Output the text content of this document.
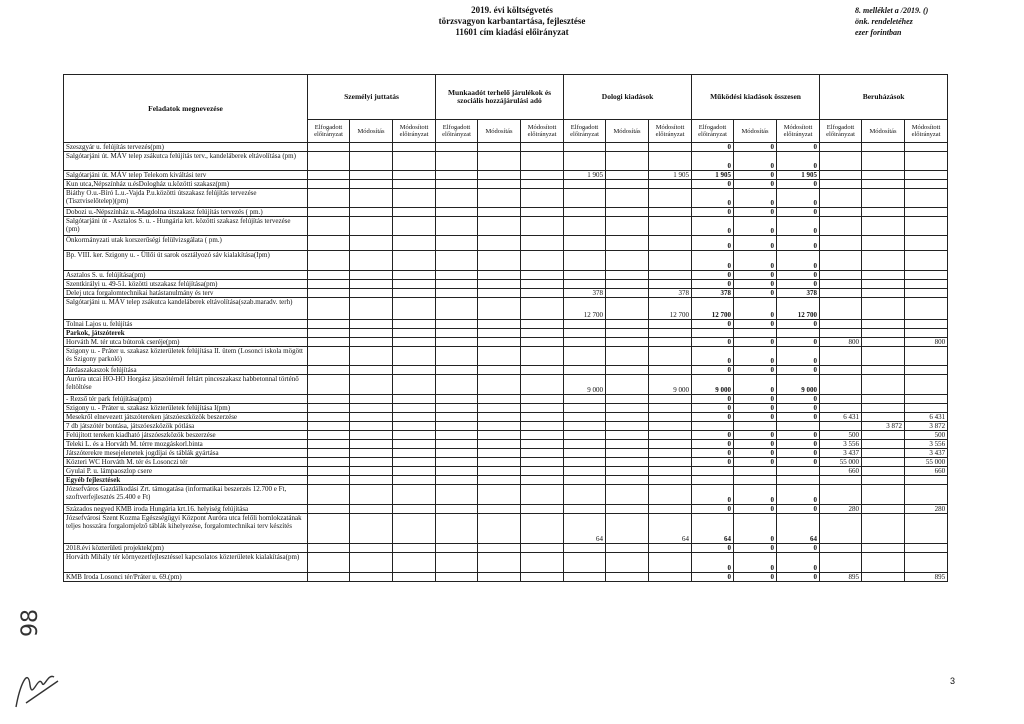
2019. évi költségvetés
törzsvagyon karbantartása, fejlesztése
11601 cím kiadási előirányzat
8. melléklet a /2019. ()
önk. rendeletéhez
ezer forintban
Feladatok megnevezése	Személyi juttatás			Munkaadót terhelő járulékok és szociális hozzájárulási adó			Dologi kiadások			Működési kiadások összesen			Beruházások		
	Elfogadott előirányzat	Módosítás	Módosított előirányzat	Elfogadott előirányzat	Módosítás	Módosított előirányzat	Elfogadott előirányzat	Módosítás	Módosított előirányzat	Elfogadott előirányzat	Módosítás	Módosított előirányzat	Elfogadott előirányzat	Módosítás	Módosított előirányzat
Szeszgyár u. felújítás tervezés(pm)										0	0	0			
Salgótarjáni út. MÁV telep zsákutca felújítás terv., kandeláberek eltávolítása (pm)										0	0	0			
Salgótarjáni út. MÁV telep Telekom kiváltási terv							1 905		1 905	1 905	0	1 905			
Kun utca,Népszínház u.ésDologház u.közötti szakasz(pm)										0	0	0			
Biáthy O.u.-Bíró L.u.-Vajda P.u.közötti útszakasz felújítás tervezése (Tisztviselőtelep)(pm)										0	0	0			
Dobozi u.-Népszínház u.-Magdolna útszakasz felújítás tervezés ( pm.)										0	0	0			
Salgótarjáni út - Asztalos S. u. - Hungária krt. közötti szakasz felújítás tervezése (pm)										0	0	0			
Önkormányzati utak korszerűségi felülvizsgálata ( pm.)										0	0	0			
Bp. VIII. ker. Szigony u. - Üllői út sarok osztályozó sáv kialakítása(Ipm)										0	0	0			
Asztalos S. u. felújítása(pm)										0	0	0			
Szentkirályi u. 49-51. közötti utszakasz felújítása(pm)										0	0	0			
Delej utca forgalomtechnikai hatástanulmány és terv							378		378	378	0	378			
Salgótarjáni u. MÁV telep zsákutca kandeláberek eltávolítása(szab.maradv. terh)							12 700		12 700	12 700	0	12 700			
Tolnai Lajos u. felújítás										0	0	0			
Parkok, játszóterek															
Horváth M. tér utca bútorok cseréje(pm)										0	0	0	800		800
Szigony u. - Práter u. szakasz közterületek felújítása II. ütem (Losonci iskola mögött és Szigony parkoló)										0	0	0			
Járdaszakaszok felújítása										0	0	0			
Auróra utcai HO-HO Horgász játszótérnél feltárt pinceszakasz habbetonnal történő feltöltése							9 000		9 000	9 000	0	9 000			
- Rezső tér park felújítása(pm)										0	0	0			
Szigony u. - Práter u. szakasz közterületek felújítása I(pm)										0	0	0			
Mesekről elnevezett játszótereken játszóeszközök beszerzése										0	0	0	6 431		6 431
7 db játszótér bontása, játszóeszközök pótlása														3 872	3 872
Felújított tereken kiadható játszóeszközök beszerzése										0	0	0	500		500
Teleki L. és a Horváth M. térre mozgáskorl.binta										0	0	0	3 556		3 556
Játszóterekre mesejelenetek jogdíjai és táblák gyártása										0	0	0	3 437		3 437
Közteri WC Horváth M. tér és Losonczi tér										0	0	0	55 000		55 000
Gyulai P. u. lámpaoszlop csere													660		660
Egyéb fejlesztések															
Józsefváros Gazdálkodási Zrt. támogatása (informatikai beszerzés 12.700 e Ft, szoftverfejlesztés 25.400 e Ft)										0	0	0			
Százados negyed KMB iroda Hungária krt.16. helyiség felújítása										0	0	0	280		280
Józsefvárosi Szent Kozma Egészségügyi Központ Auróra utca felőli homlokzatának teljes hosszára forgalomjelző táblák kihelyezése, forgalomtechnikai terv készítés							64		64	64	0	64			
2018.évi közterületi projektek(pm)										0	0	0			
Horváth Mihály tér környezetfejlesztéssel kapcsolatos közterületek kialakítása(pm)										0	0	0			
KMB Iroda Losonci tér/Práter u. 69.(pm)										0	0	0	895		895
3
98
